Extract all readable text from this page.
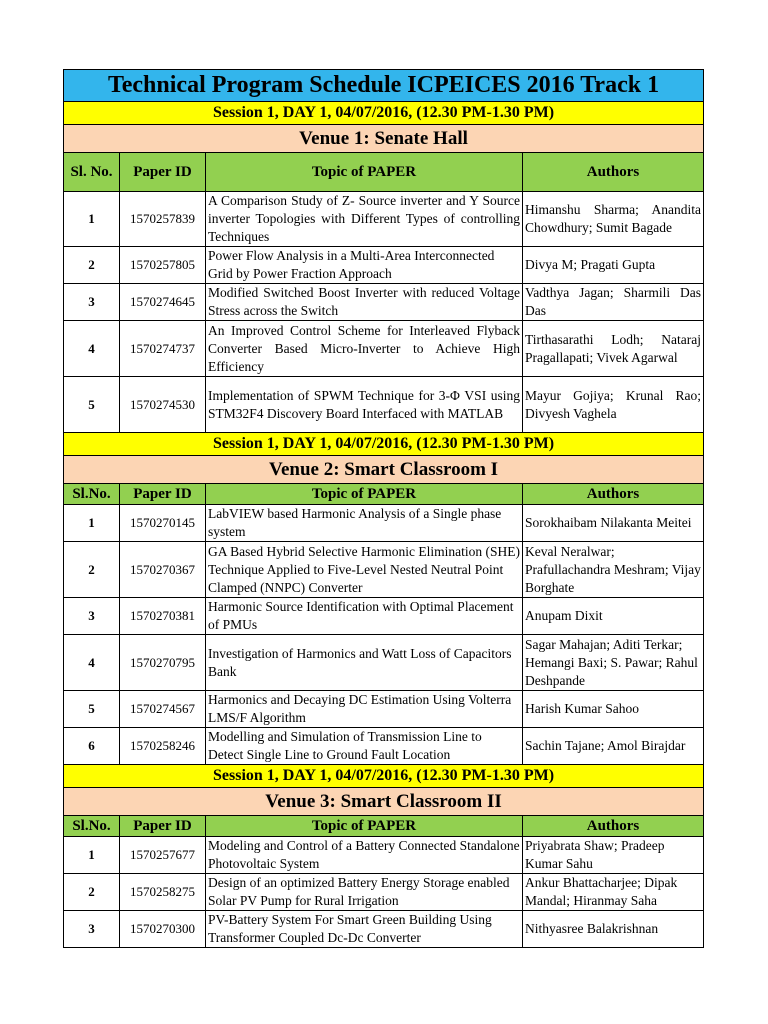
Technical Program Schedule ICPEICES 2016 Track 1			
Session 1, DAY 1, 04/07/2016, (12.30 PM-1.30 PM)			
Venue 1: Senate Hall			
Sl. No.	Paper ID	Topic of PAPER	Authors
1	1570257839	A Comparison Study of Z- Source inverter and Y Source inverter Topologies with Different Types of controlling Techniques	Himanshu Sharma; Anandita Chowdhury; Sumit Bagade
2	1570257805	Power Flow Analysis in a Multi-Area Interconnected Grid by Power Fraction Approach	Divya M; Pragati Gupta
3	1570274645	Modified Switched Boost Inverter with reduced Voltage Stress across the Switch	Vadthya Jagan; Sharmili Das Das
4	1570274737	An Improved Control Scheme for Interleaved Flyback Converter Based Micro-Inverter to Achieve High Efficiency	Tirthasarathi Lodh; Nataraj Pragallapati; Vivek Agarwal
5	1570274530	Implementation of SPWM Technique for 3-Φ VSI using STM32F4 Discovery Board Interfaced with MATLAB	Mayur Gojiya; Krunal Rao; Divyesh Vaghela
Session 1, DAY 1, 04/07/2016, (12.30 PM-1.30 PM)			
Venue 2: Smart Classroom I			
Sl.No.	Paper ID	Topic of PAPER	Authors
1	1570270145	LabVIEW based Harmonic Analysis of a Single phase system	Sorokhaibam Nilakanta Meitei
2	1570270367	GA Based Hybrid Selective Harmonic Elimination (SHE) Technique Applied to Five-Level Nested Neutral Point Clamped (NNPC) Converter	Keval Neralwar; Prafullachandra Meshram; Vijay Borghate
3	1570270381	Harmonic Source Identification with Optimal Placement of PMUs	Anupam Dixit
4	1570270795	Investigation of Harmonics and Watt Loss of Capacitors Bank	Sagar Mahajan; Aditi Terkar; Hemangi Baxi; S. Pawar; Rahul Deshpande
5	1570274567	Harmonics and Decaying DC Estimation Using Volterra LMS/F Algorithm	Harish Kumar Sahoo
6	1570258246	Modelling and Simulation of Transmission Line to Detect Single Line to Ground Fault Location	Sachin Tajane; Amol Birajdar
Session 1, DAY 1, 04/07/2016, (12.30 PM-1.30 PM)			
Venue 3: Smart Classroom II			
Sl.No.	Paper ID	Topic of PAPER	Authors
1	1570257677	Modeling and Control of a Battery Connected Standalone Photovoltaic System	Priyabrata Shaw; Pradeep Kumar Sahu
2	1570258275	Design of an optimized Battery Energy Storage enabled Solar PV Pump for Rural Irrigation	Ankur Bhattacharjee; Dipak Mandal; Hiranmay Saha
3	1570270300	PV-Battery System For Smart Green Building Using Transformer Coupled Dc-Dc Converter	Nithyasree Balakrishnan
